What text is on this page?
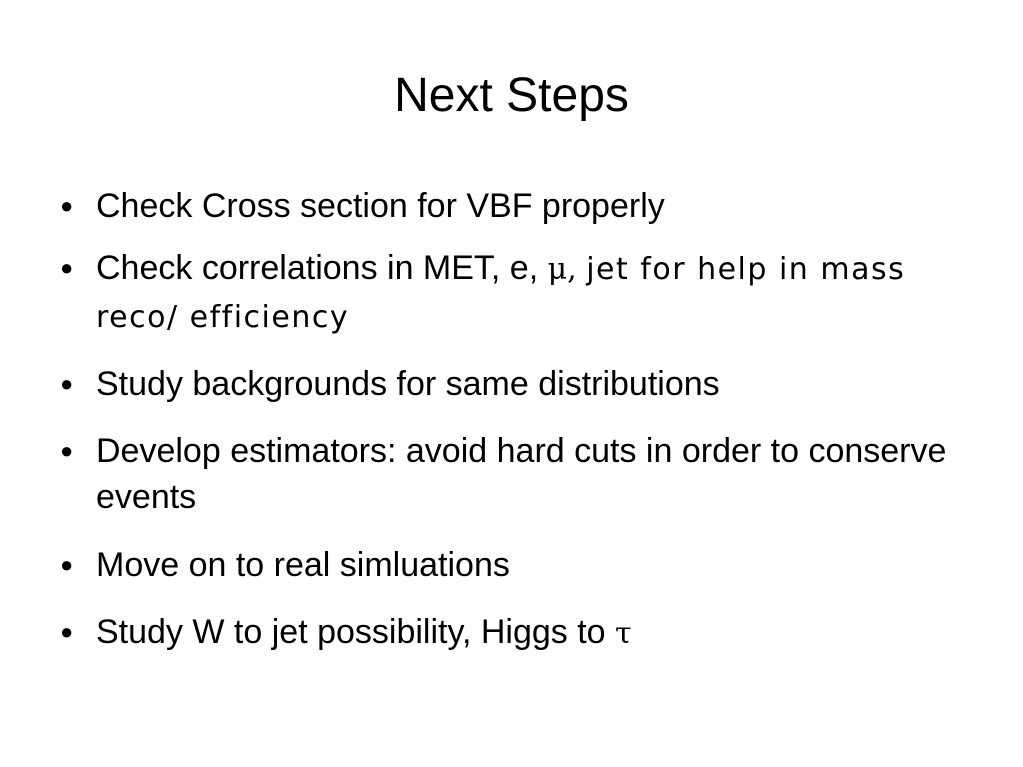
Next Steps
● Check Cross section for VBF properly
● Check correlations in MET, e, μ, jet for help in mass reco/ efficiency
● Study backgrounds for same distributions
● Develop estimators: avoid hard cuts in order to conserve events
● Move on to real simluations
● Study W to jet possibility, Higgs to τ
